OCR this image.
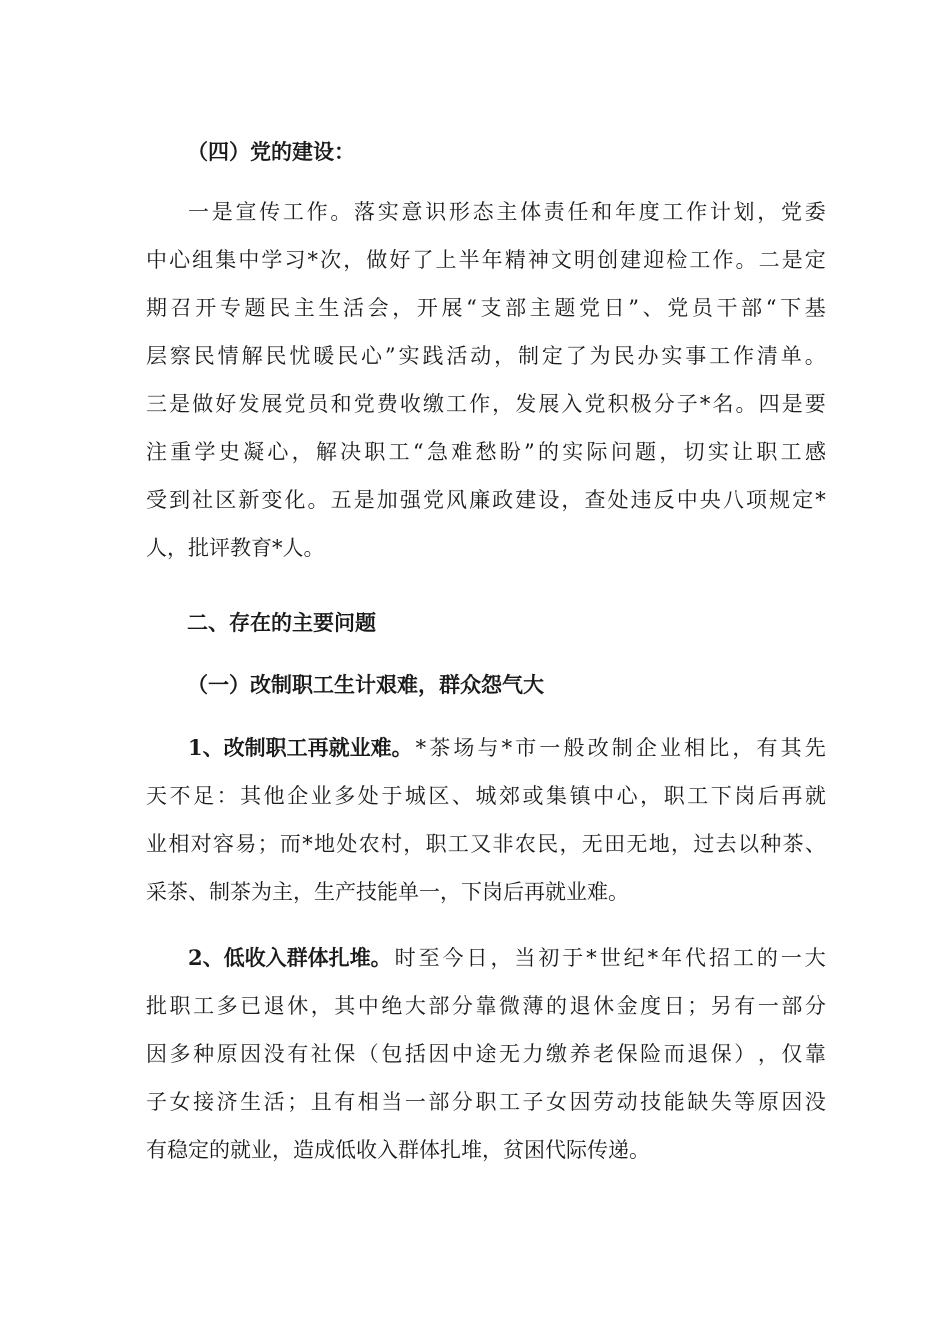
（四）党的建设：
一 是 宣 传 工 作 。 落 实 意 识 形 态 主 体 责 任 和 年 度 工 作 计 划 ， 党 委
中 心 组 集 中 学 习 * 次 ， 做 好 了 上 半 年 精 神 文 明 创 建 迎 检 工 作 。 二 是 定
期 召 开 专 题 民 主 生 活 会 ， 开 展 “ 支 部 主 题 党 日 ” 、 党 员 干 部 “ 下 基
层 察 民 情 解 民 忧 暖 民 心 ” 实 践 活 动 ， 制 定 了 为 民 办 实 事 工 作 清 单 。
三 是 做 好 发 展 党 员 和 党 费 收 缴 工 作 ， 发 展 入 党 积 极 分 子 * 名 。 四 是 要
注 重 学 史 凝 心 ， 解 决 职 工 “ 急 难 愁 盼 ” 的 实 际 问 题 ， 切 实 让 职 工 感
受 到 社 区 新 变 化 。 五 是 加 强 党 风 廉 政 建 设 ， 查 处 违 反 中 央 八 项 规 定 *
人，批评教育*人。
二、存在的主要问题
（一）改制职工生计艰难，群众怨气大
1、改制职工再就业难。 * 茶 场 与 * 市 一 般 改 制 企 业 相 比 ， 有 其 先
天 不 足 ： 其 他 企 业 多 处 于 城 区 、 城 郊 或 集 镇 中 心 ， 职 工 下 岗 后 再 就
业 相 对 容 易 ； 而 * 地 处 农 村 ， 职 工 又 非 农 民 ， 无 田 无 地 ， 过 去 以 种 茶 、
采茶、制茶为主，生产技能单一，下岗后再就业难。
2、低收入群体扎堆。 时 至 今 日 ， 当 初 于 * 世 纪 * 年 代 招 工 的 一 大
批 职 工 多 已 退 休 ， 其 中 绝 大 部 分 靠 微 薄 的 退 休 金 度 日 ； 另 有 一 部 分
因 多 种 原 因 没 有 社 保 （ 包 括 因 中 途 无 力 缴 养 老 保 险 而 退 保 ） ， 仅 靠
子 女 接 济 生 活 ； 且 有 相 当 一 部 分 职 工 子 女 因 劳 动 技 能 缺 失 等 原 因 没
有稳定的就业，造成低收入群体扎堆，贫困代际传递。
